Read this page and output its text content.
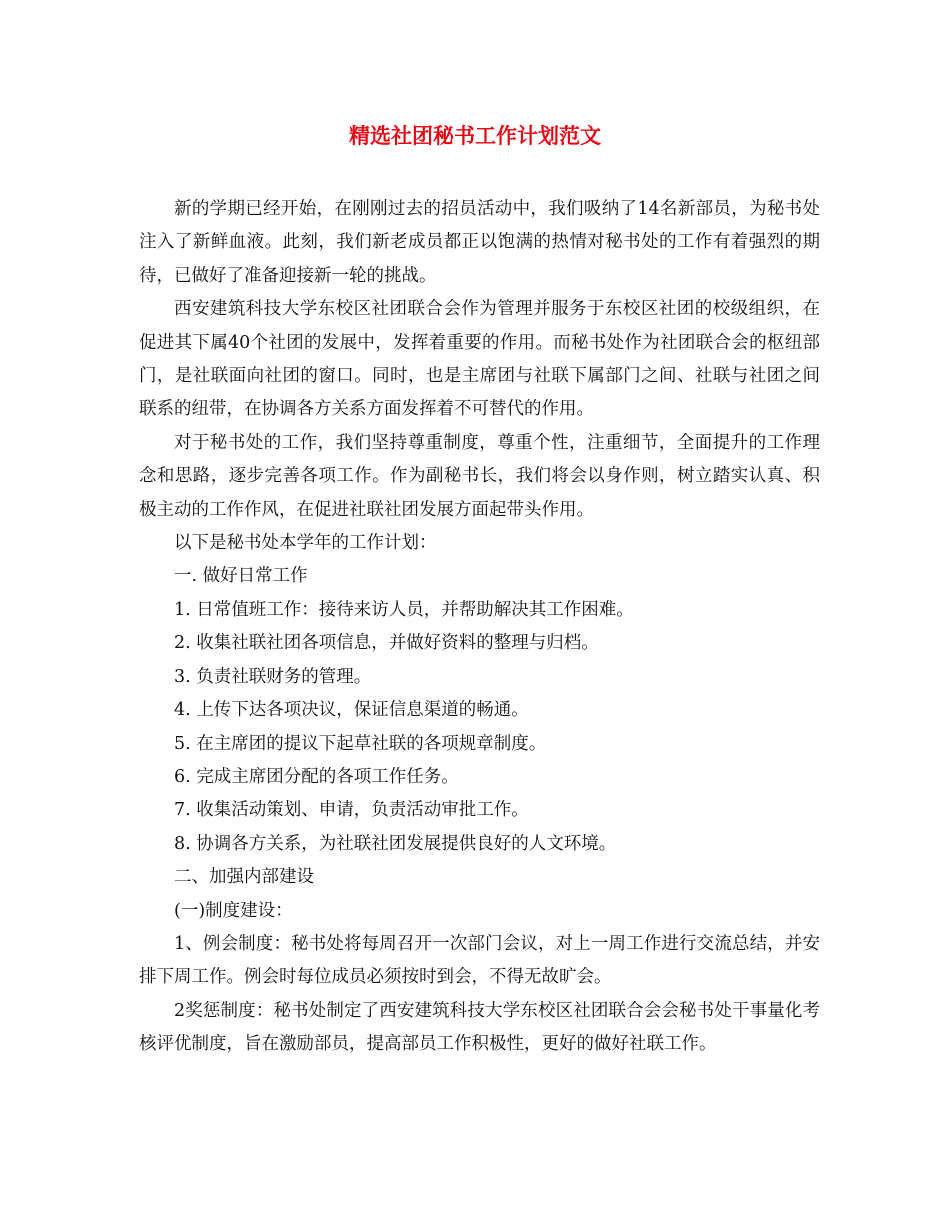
精选社团秘书工作计划范文

新的学期已经开始，在刚刚过去的招员活动中，我们吸纳了14名新部员，为秘书处注入了新鲜血液。此刻，我们新老成员都正以饱满的热情对秘书处的工作有着强烈的期待，已做好了准备迎接新一轮的挑战。

西安建筑科技大学东校区社团联合会作为管理并服务于东校区社团的校级组织，在促进其下属40个社团的发展中，发挥着重要的作用。而秘书处作为社团联合会的枢纽部门，是社联面向社团的窗口。同时，也是主席团与社联下属部门之间、社联与社团之间联系的纽带，在协调各方关系方面发挥着不可替代的作用。

对于秘书处的工作，我们坚持尊重制度，尊重个性，注重细节，全面提升的工作理念和思路，逐步完善各项工作。作为副秘书长，我们将会以身作则，树立踏实认真、积极主动的工作作风，在促进社联社团发展方面起带头作用。

以下是秘书处本学年的工作计划：

一. 做好日常工作

1. 日常值班工作：接待来访人员，并帮助解决其工作困难。

2. 收集社联社团各项信息，并做好资料的整理与归档。

3. 负责社联财务的管理。

4. 上传下达各项决议，保证信息渠道的畅通。

5. 在主席团的提议下起草社联的各项规章制度。

6. 完成主席团分配的各项工作任务。

7. 收集活动策划、申请，负责活动审批工作。

8. 协调各方关系，为社联社团发展提供良好的人文环境。

二、加强内部建设

(一)制度建设：

1、例会制度：秘书处将每周召开一次部门会议，对上一周工作进行交流总结，并安排下周工作。例会时每位成员必须按时到会，不得无故旷会。

2奖惩制度：秘书处制定了西安建筑科技大学东校区社团联合会会秘书处干事量化考核评优制度，旨在激励部员，提高部员工作积极性，更好的做好社联工作。
